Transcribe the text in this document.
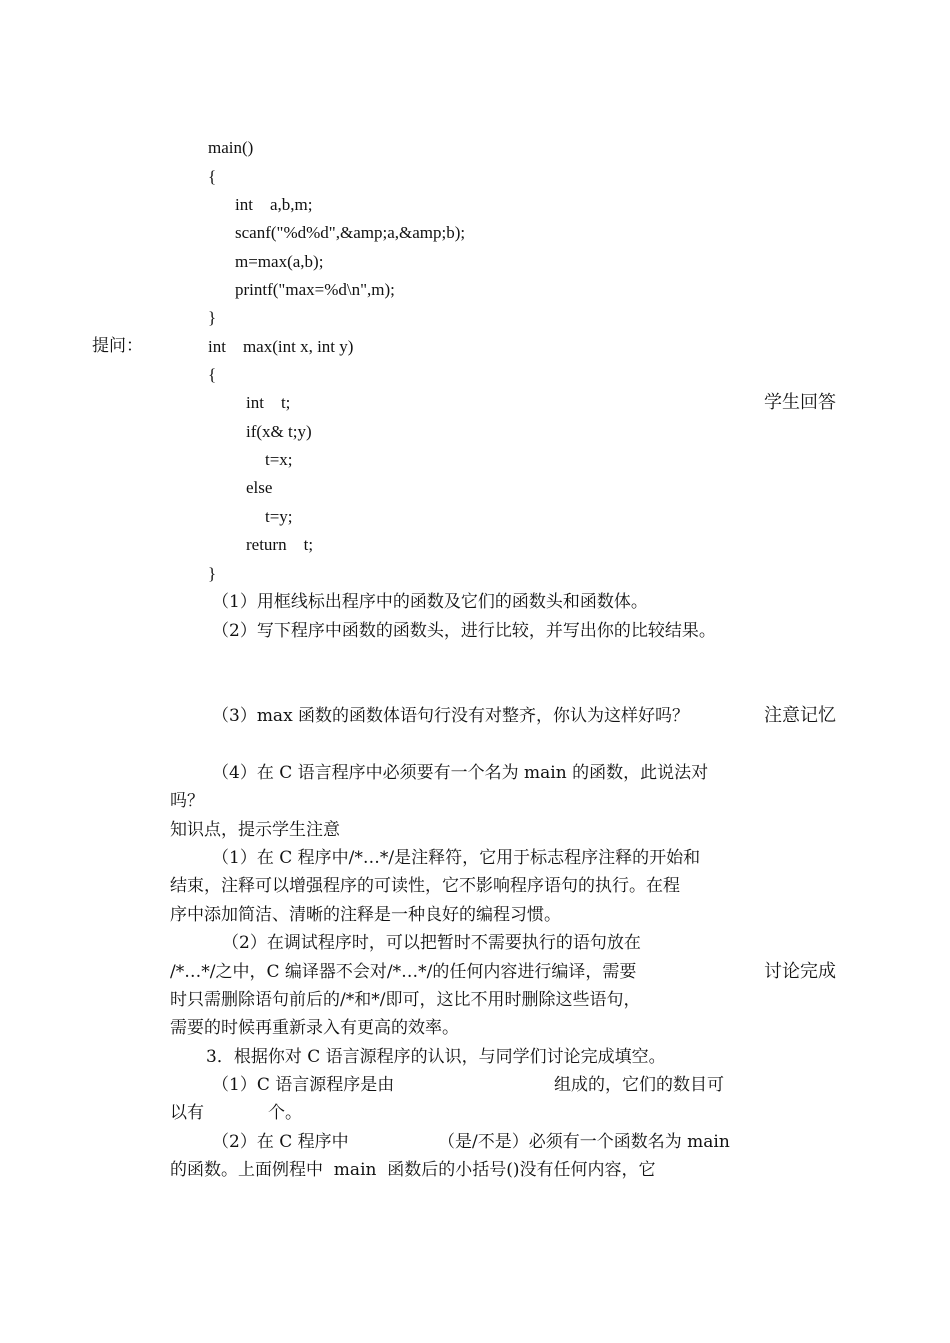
提问：
main()
{
int    a,b,m;
scanf("%d%d",&amp;a,&amp;b);
m=max(a,b);
printf("max=%d\n",m);
}
int    max(int x, int y)
{
int    t;
if(x& t;y)
t=x;
else
t=y;
return    t;
}
学生回答
注意记忆
讨论完成
（1）用框线标出程序中的函数及它们的函数头和函数体。
（2）写下程序中函数的函数头，进行比较，并写出你的比较结果。
（3）max 函数的函数体语句行没有对整齐，你认为这样好吗？
（4）在 C 语言程序中必须要有一个名为 main 的函数，此说法对
吗？
知识点，提示学生注意
（1）在 C 程序中/*…*/是注释符，它用于标志程序注释的开始和
结束，注释可以增强程序的可读性，它不影响程序语句的执行。在程
序中添加简洁、清晰的注释是一种良好的编程习惯。
（2）在调试程序时，可以把暂时不需要执行的语句放在
/*…*/之中，C 编译器不会对/*…*/的任何内容进行编译，需要
时只需删除语句前后的/*和*/即可，这比不用时删除这些语句，
需要的时候再重新录入有更高的效率。
3．根据你对 C 语言源程序的认识，与同学们讨论完成填空。
（1）C 语言源程序是由	组成的，它们的数目可
以有	个。
（2）在 C 程序中	（是/不是）必须有一个函数名为 main
的函数。上面例程中  main  函数后的小括号()没有任何内容，它
